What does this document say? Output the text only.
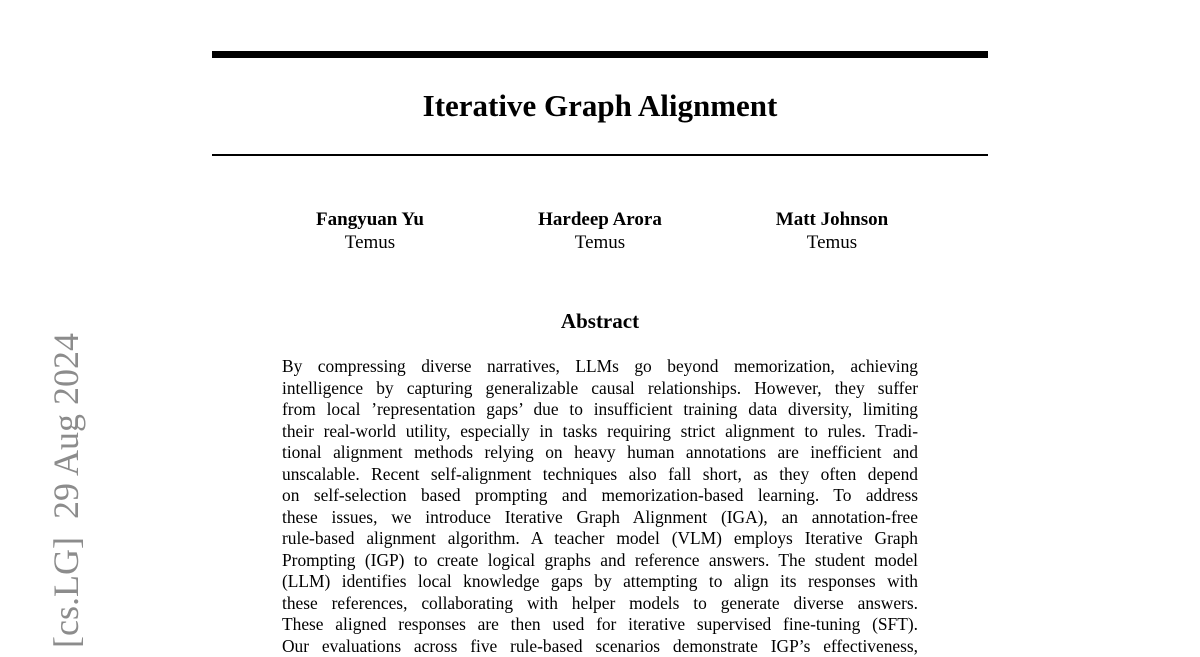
[cs.LG]29 Aug 2024
Iterative Graph Alignment
Fangyuan Yu
Temus
Hardeep Arora
Temus
Matt Johnson
Temus
Abstract
By compressing diverse narratives, LLMs go beyond memorization, achieving
intelligence by capturing generalizable causal relationships. However, they suffer
from local ’representation gaps’ due to insufficient training data diversity, limiting
their real-world utility, especially in tasks requiring strict alignment to rules. Tradi-
tional alignment methods relying on heavy human annotations are inefficient and
unscalable. Recent self-alignment techniques also fall short, as they often depend
on self-selection based prompting and memorization-based learning. To address
these issues, we introduce Iterative Graph Alignment (IGA), an annotation-free
rule-based alignment algorithm. A teacher model (VLM) employs Iterative Graph
Prompting (IGP) to create logical graphs and reference answers. The student model
(LLM) identifies local knowledge gaps by attempting to align its responses with
these references, collaborating with helper models to generate diverse answers.
These aligned responses are then used for iterative supervised fine-tuning (SFT).
Our evaluations across five rule-based scenarios demonstrate IGP’s effectiveness,
